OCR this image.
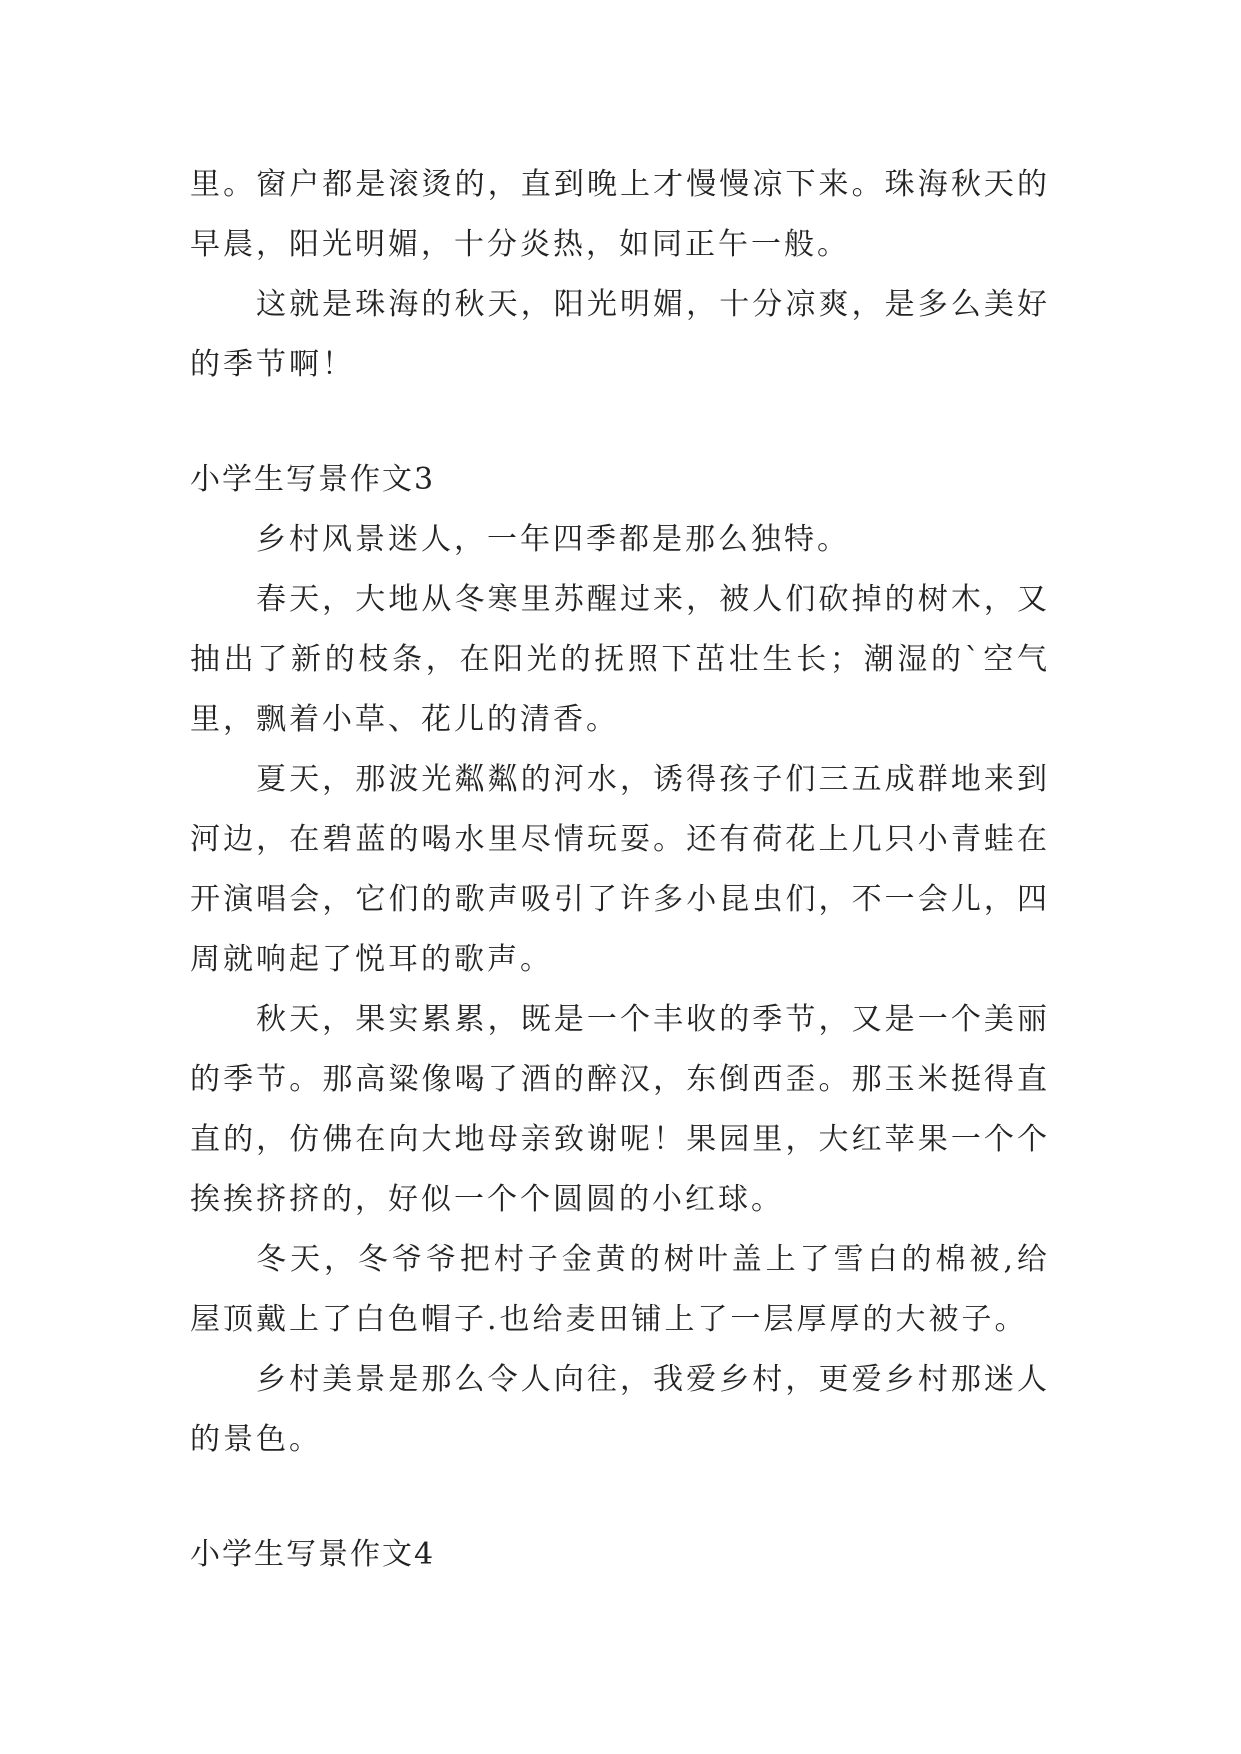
里。窗户都是滚烫的，直到晚上才慢慢凉下来。珠海秋天的早晨，阳光明媚，十分炎热，如同正午一般。

这就是珠海的秋天，阳光明媚，十分凉爽，是多么美好的季节啊！

小学生写景作文3

乡村风景迷人，一年四季都是那么独特。

春天，大地从冬寒里苏醒过来，被人们砍掉的树木，又抽出了新的枝条，在阳光的抚照下茁壮生长；潮湿的`空气里，飘着小草、花儿的清香。

夏天，那波光粼粼的河水，诱得孩子们三五成群地来到河边，在碧蓝的喝水里尽情玩耍。还有荷花上几只小青蛙在开演唱会，它们的歌声吸引了许多小昆虫们，不一会儿，四周就响起了悦耳的歌声。

秋天，果实累累，既是一个丰收的季节，又是一个美丽的季节。那高粱像喝了酒的醉汉，东倒西歪。那玉米挺得直直的，仿佛在向大地母亲致谢呢！果园里，大红苹果一个个挨挨挤挤的，好似一个个圆圆的小红球。

冬天，冬爷爷把村子金黄的树叶盖上了雪白的棉被,给屋顶戴上了白色帽子.也给麦田铺上了一层厚厚的大被子。

乡村美景是那么令人向往，我爱乡村，更爱乡村那迷人的景色。

小学生写景作文4
